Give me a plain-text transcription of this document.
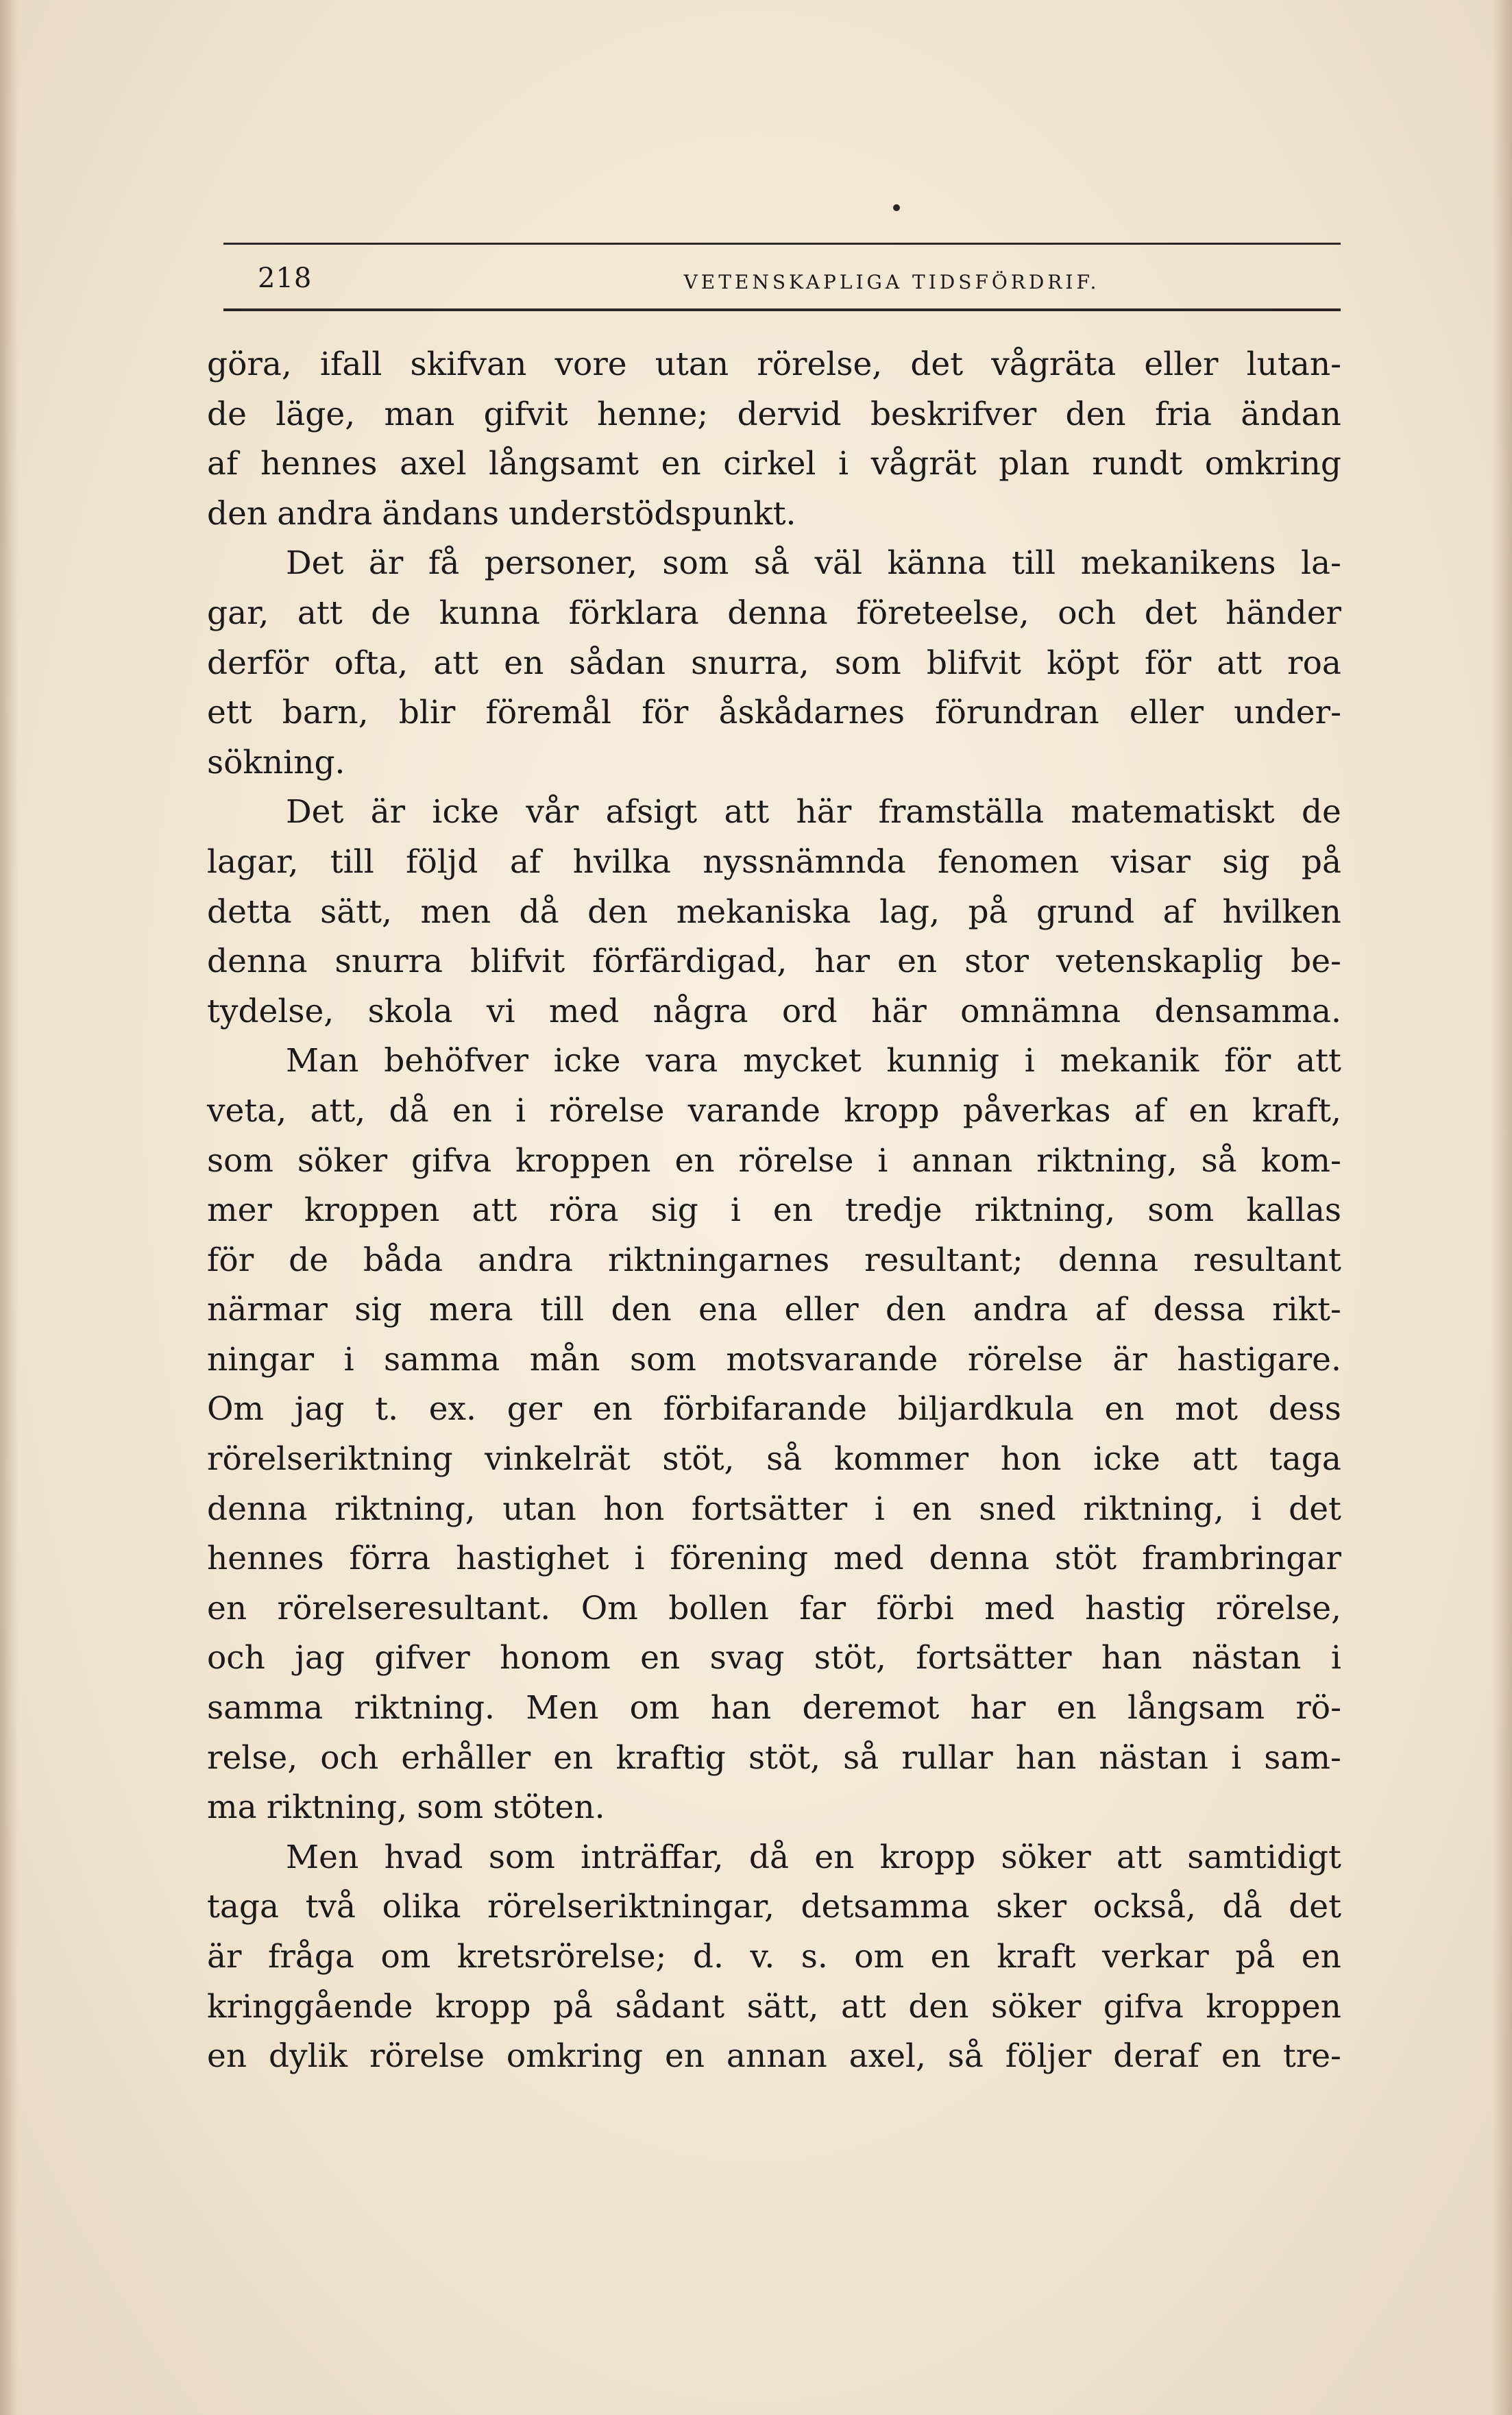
218	VETENSKAPLIGA TIDSFÖRDRIF.
göra, ifall skifvan vore utan rörelse, det vågräta eller lutan-
de läge, man gifvit henne; dervid beskrifver den fria ändan
af hennes axel långsamt en cirkel i vågrät plan rundt omkring
den andra ändans understödspunkt.
Det är få personer, som så väl känna till mekanikens la-
gar, att de kunna förklara denna företeelse, och det händer
derför ofta, att en sådan snurra, som blifvit köpt för att roa
ett barn, blir föremål för åskådarnes förundran eller under-
sökning.
Det är icke vår afsigt att här framställa matematiskt de
lagar, till följd af hvilka nyssnämnda fenomen visar sig på
detta sätt, men då den mekaniska lag, på grund af hvilken
denna snurra blifvit förfärdigad, har en stor vetenskaplig be-
tydelse, skola vi med några ord här omnämna densamma.
Man behöfver icke vara mycket kunnig i mekanik för att
veta, att, då en i rörelse varande kropp påverkas af en kraft,
som söker gifva kroppen en rörelse i annan riktning, så kom-
mer kroppen att röra sig i en tredje riktning, som kallas
för de båda andra riktningarnes resultant; denna resultant
närmar sig mera till den ena eller den andra af dessa rikt-
ningar i samma mån som motsvarande rörelse är hastigare.
Om jag t. ex. ger en förbifarande biljardkula en mot dess
rörelseriktning vinkelrät stöt, så kommer hon icke att taga
denna riktning, utan hon fortsätter i en sned riktning, i det
hennes förra hastighet i förening med denna stöt frambringar
en rörelseresultant. Om bollen far förbi med hastig rörelse,
och jag gifver honom en svag stöt, fortsätter han nästan i
samma riktning. Men om han deremot har en långsam rö-
relse, och erhåller en kraftig stöt, så rullar han nästan i sam-
ma riktning, som stöten.
Men hvad som inträffar, då en kropp söker att samtidigt
taga två olika rörelseriktningar, detsamma sker också, då det
är fråga om kretsrörelse; d. v. s. om en kraft verkar på en
kringgående kropp på sådant sätt, att den söker gifva kroppen
en dylik rörelse omkring en annan axel, så följer deraf en tre-
